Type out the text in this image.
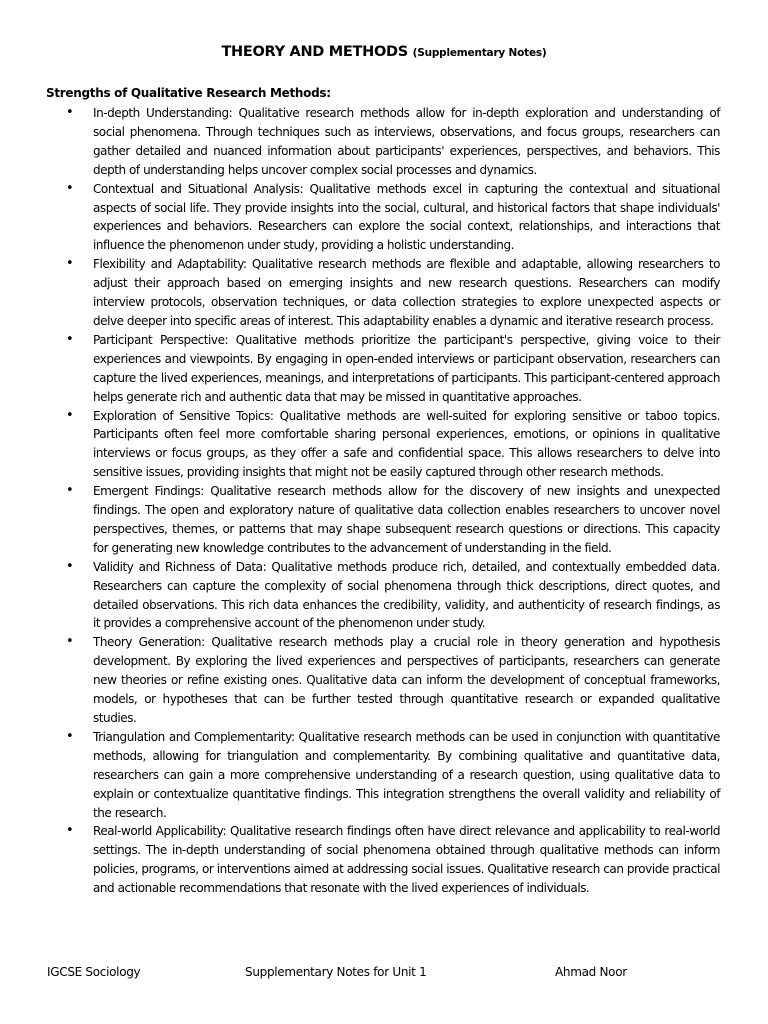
THEORY AND METHODS (Supplementary Notes)
Strengths of Qualitative Research Methods:
• In-depth Understanding: Qualitative research methods allow for in-depth exploration and understanding of social phenomena. Through techniques such as interviews, observations, and focus groups, researchers can gather detailed and nuanced information about participants' experiences, perspectives, and behaviors. This depth of understanding helps uncover complex social processes and dynamics.
• Contextual and Situational Analysis: Qualitative methods excel in capturing the contextual and situational aspects of social life. They provide insights into the social, cultural, and historical factors that shape individuals' experiences and behaviors. Researchers can explore the social context, relationships, and interactions that influence the phenomenon under study, providing a holistic understanding.
• Flexibility and Adaptability: Qualitative research methods are flexible and adaptable, allowing researchers to adjust their approach based on emerging insights and new research questions. Researchers can modify interview protocols, observation techniques, or data collection strategies to explore unexpected aspects or delve deeper into specific areas of interest. This adaptability enables a dynamic and iterative research process.
• Participant Perspective: Qualitative methods prioritize the participant's perspective, giving voice to their experiences and viewpoints. By engaging in open-ended interviews or participant observation, researchers can capture the lived experiences, meanings, and interpretations of participants. This participant-centered approach helps generate rich and authentic data that may be missed in quantitative approaches.
• Exploration of Sensitive Topics: Qualitative methods are well-suited for exploring sensitive or taboo topics. Participants often feel more comfortable sharing personal experiences, emotions, or opinions in qualitative interviews or focus groups, as they offer a safe and confidential space. This allows researchers to delve into sensitive issues, providing insights that might not be easily captured through other research methods.
• Emergent Findings: Qualitative research methods allow for the discovery of new insights and unexpected findings. The open and exploratory nature of qualitative data collection enables researchers to uncover novel perspectives, themes, or patterns that may shape subsequent research questions or directions. This capacity for generating new knowledge contributes to the advancement of understanding in the field.
• Validity and Richness of Data: Qualitative methods produce rich, detailed, and contextually embedded data. Researchers can capture the complexity of social phenomena through thick descriptions, direct quotes, and detailed observations. This rich data enhances the credibility, validity, and authenticity of research findings, as it provides a comprehensive account of the phenomenon under study.
• Theory Generation: Qualitative research methods play a crucial role in theory generation and hypothesis development. By exploring the lived experiences and perspectives of participants, researchers can generate new theories or refine existing ones. Qualitative data can inform the development of conceptual frameworks, models, or hypotheses that can be further tested through quantitative research or expanded qualitative studies.
• Triangulation and Complementarity: Qualitative research methods can be used in conjunction with quantitative methods, allowing for triangulation and complementarity. By combining qualitative and quantitative data, researchers can gain a more comprehensive understanding of a research question, using qualitative data to explain or contextualize quantitative findings. This integration strengthens the overall validity and reliability of the research.
• Real-world Applicability: Qualitative research findings often have direct relevance and applicability to real-world settings. The in-depth understanding of social phenomena obtained through qualitative methods can inform policies, programs, or interventions aimed at addressing social issues. Qualitative research can provide practical and actionable recommendations that resonate with the lived experiences of individuals.
IGCSE Sociology	Supplementary Notes for Unit 1	Ahmad Noor
